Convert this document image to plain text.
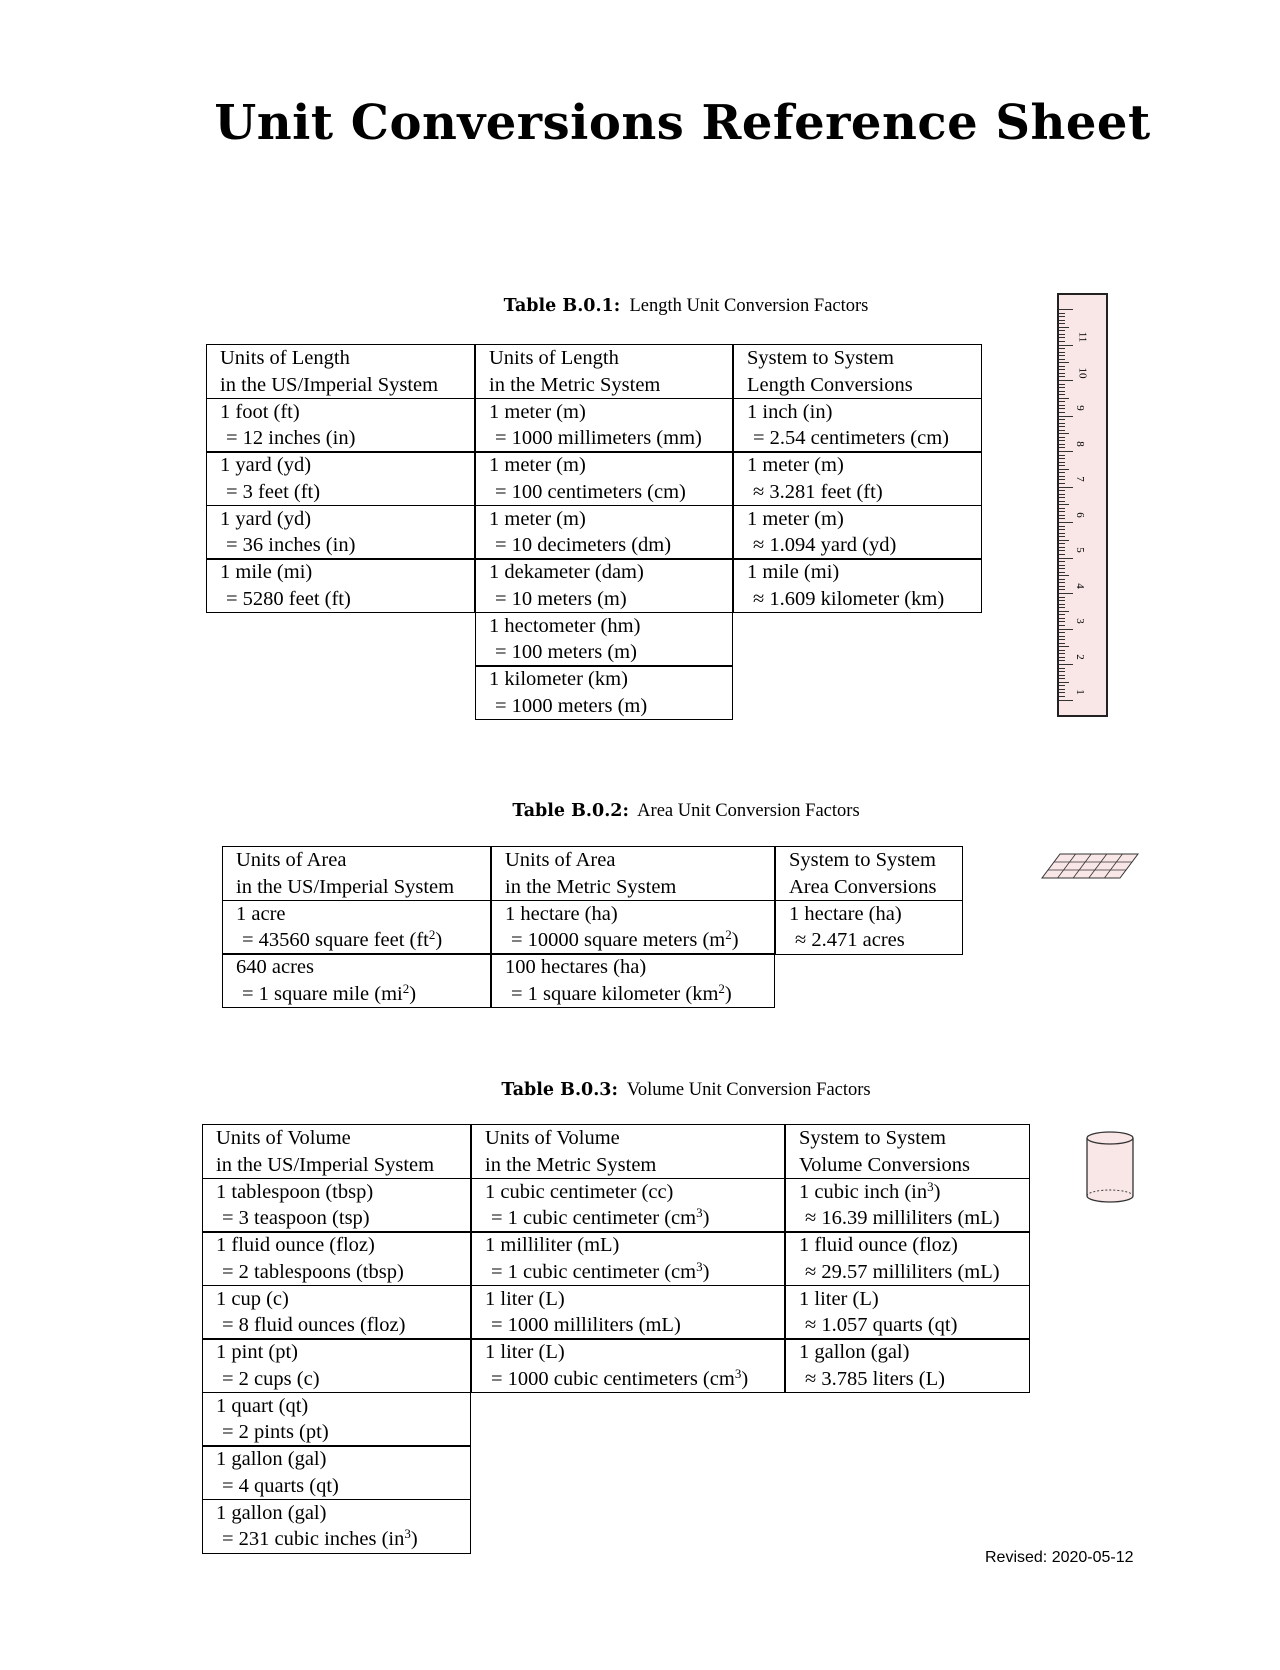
Unit Conversions Reference Sheet
Table B.0.1: Length Unit Conversion Factors
Units of Length
in the US/Imperial System
1 foot (ft)
= 12 inches (in)
1 yard (yd)
= 3 feet (ft)
1 yard (yd)
= 36 inches (in)
1 mile (mi)
= 5280 feet (ft)
Units of Length
in the Metric System
1 meter (m)
= 1000 millimeters (mm)
1 meter (m)
= 100 centimeters (cm)
1 meter (m)
= 10 decimeters (dm)
1 dekameter (dam)
= 10 meters (m)
1 hectometer (hm)
= 100 meters (m)
1 kilometer (km)
= 1000 meters (m)
System to System
Length Conversions
1 inch (in)
= 2.54 centimeters (cm)
1 meter (m)
≈ 3.281 feet (ft)
1 meter (m)
≈ 1.094 yard (yd)
1 mile (mi)
≈ 1.609 kilometer (km)
Table B.0.2: Area Unit Conversion Factors
Units of Area
in the US/Imperial System
1 acre
= 43560 square feet $(ft^2)$
640 acres
= 1 square mile $(mi^2)$
Units of Area
in the Metric System
1 hectare (ha)
= 10000 square meters $(m^2)$
100 hectares (ha)
= 1 square kilometer $(km^2)$
System to System
Area Conversions
1 hectare (ha)
≈ 2.471 acres
Table B.0.3: Volume Unit Conversion Factors
Units of Volume
in the US/Imperial System
1 tablespoon (tbsp)
= 3 teaspoon (tsp)
1 fluid ounce (floz)
= 2 tablespoons (tbsp)
1 cup (c)
= 8 fluid ounces (floz)
1 pint (pt)
= 2 cups (c)
1 quart (qt)
= 2 pints (pt)
1 gallon (gal)
= 4 quarts (qt)
1 gallon (gal)
= 231 cubic inches $(in^3)$
Units of Volume
in the Metric System
1 cubic centimeter (cc)
= 1 cubic centimeter $(cm^3)$
1 milliliter (mL)
= 1 cubic centimeter $(cm^3)$
1 liter (L)
= 1000 milliliters (mL)
1 liter (L)
= 1000 cubic centimeters $(cm^3)$
System to System
Volume Conversions
1 cubic inch $(in^3)$
≈ 16.39 milliliters (mL)
1 fluid ounce (floz)
≈ 29.57 milliliters (mL)
1 liter (L)
≈ 1.057 quarts (qt)
1 gallon (gal)
≈ 3.785 liters (L)
11
10
9
8
7
6
5
4
3
2
1
Revised: 2020-05-12
